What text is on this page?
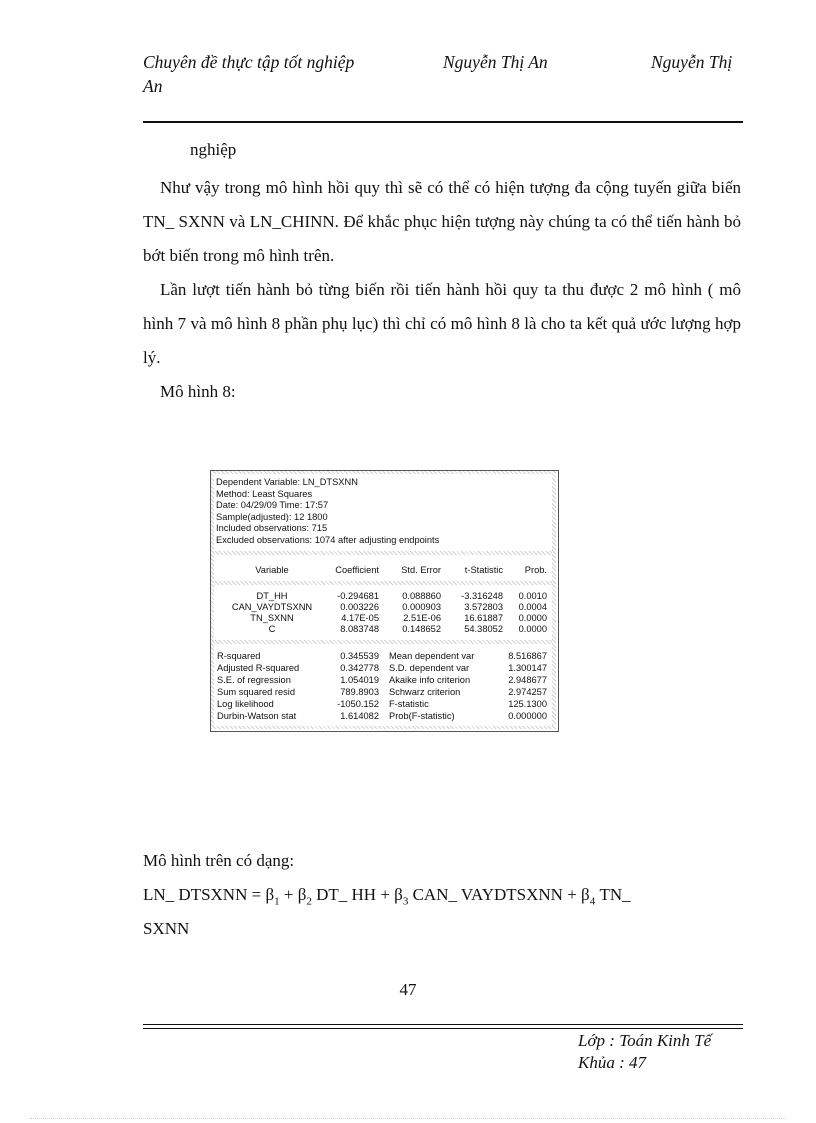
Chuyên đề thực tập tốt nghiệp	Nguyễn Thị An	Nguyễn Thị
An
nghiệp
Như vậy trong mô hình hồi quy thì sẽ có thể có hiện tượng đa cộng tuyến giữa biến TN_ SXNN và LN_CHINN. Để khắc phục hiện tượng này chúng ta có thể tiến hành bỏ bớt biến trong mô hình trên.
Lần lượt tiến hành bỏ từng biến rồi tiến hành hồi quy ta thu được 2 mô hình ( mô hình 7 và mô hình 8 phần phụ lục) thì chỉ có mô hình 8 là cho ta kết quả ước lượng hợp lý.
Mô hình 8:
Dependent Variable: LN_DTSXNN
Method: Least Squares
Date: 04/29/09 Time: 17:57
Sample(adjusted): 12 1800
Included observations: 715
Excluded observations: 1074 after adjusting endpoints
Variable	Coefficient	Std. Error	t-Statistic	Prob.
DT_HH	-0.294681	0.088860	-3.316248	0.0010
CAN_VAYDTSXNN	0.003226	0.000903	3.572803	0.0004
TN_SXNN	4.17E-05	2.51E-06	16.61887	0.0000
C	8.083748	0.148652	54.38052	0.0000
R-squared	0.345539 Mean dependent var	8.516867
Adjusted R-squared	0.342778 S.D. dependent var	1.300147
S.E. of regression	1.054019 Akaike info criterion	2.948677
Sum squared resid	789.8903 Schwarz criterion	2.974257
Log likelihood	-1050.152 F-statistic	125.1300
Durbin-Watson stat	1.614082 Prob(F-statistic)	0.000000
Mô hình trên có dạng:
LN_ DTSXNN = $\beta_1 + \beta_2$ DT_ HH + $\beta_3$ CAN_ VAYDTSXNN + $\beta_4$ TN_
SXNN
47
Lớp : Toán Kinh Tế
Khủa : 47
